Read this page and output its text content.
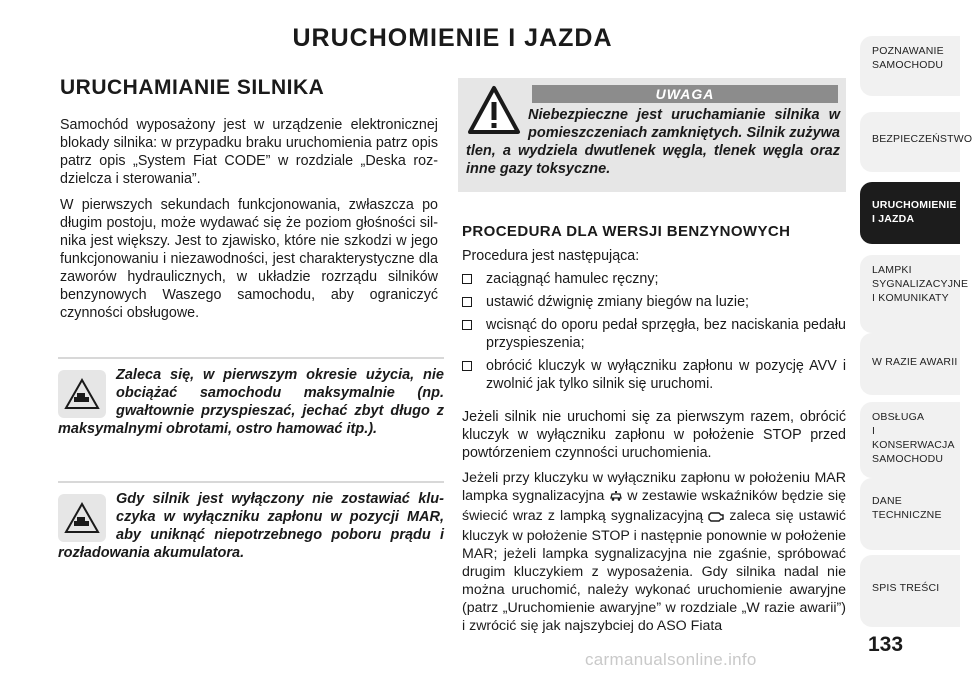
URUCHOMIENIE I JAZDA
URUCHAMIANIE SILNIKA

Samochód wyposażony jest w urządzenie elektronicznej blokady silnika: w przypadku braku uruchomienia patrz opis patrz opis „System Fiat CODE” w rozdziale „Deska rozdzielcza i sterowania”.

W pierwszych sekundach funkcjonowania, zwłaszcza po długim postoju, może wydawać się że poziom głośności silnika jest większy. Jest to zjawisko, które nie szkodzi w jego funkcjonowaniu i niezawodności, jest charakterystyczne dla zaworów hydraulicznych, w układzie rozrządu silników benzynowych Waszego samochodu, aby ograniczyć czynności obsługowe.

Zaleca się, w pierwszym okresie użycia, nie obciążać samochodu maksymalnie (np. gwałtownie przyspieszać, jechać zbyt długo z maksymalnymi obrotami, ostro hamować itp.).
Gdy silnik jest wyłączony nie zostawiać kluczyka w wyłączniku zapłonu w pozycji MAR, aby uniknąć niepotrzebnego poboru prądu i rozładowania akumulatora.
UWAGA
Niebezpieczne jest uruchamianie silnika w pomieszczeniach zamkniętych. Silnik zużywa tlen, a wydziela dwutlenek węgla, tlenek węgla oraz inne gazy toksyczne.
PROCEDURA DLA WERSJI BENZYNOWYCH

Procedura jest następująca:

zaciągnąć hamulec ręczny;
ustawić dźwignię zmiany biegów na luzie;
wcisnąć do oporu pedał sprzęgła, bez naciskania pedału przyspieszenia;
obrócić kluczyk w wyłączniku zapłonu w pozycję AVV i zwolnić jak tylko silnik się uruchomi.

Jeżeli silnik nie uruchomi się za pierwszym razem, obrócić kluczyk w wyłączniku zapłonu w położenie STOP przed powtórzeniem czynności uruchomienia.

Jeżeli przy kluczyku w wyłączniku zapłonu w położeniu MAR lampka sygnalizacyjna w zestawie wskaźników będzie się świecić wraz z lampką sygnalizacyjną zaleca się ustawić kluczyk w położenie STOP i następnie ponownie w położenie MAR; jeżeli lampka sygnalizacyjna nie zgaśnie, spróbować drugim kluczykiem z wyposażenia. Gdy silnika nadal nie można uruchomić, należy wykonać uruchomienie awaryjne (patrz „Uruchomienie awaryjne” w rozdziale „W razie awarii”) i zwrócić się jak najszybciej do ASO Fiata

POZNAWANIE
SAMOCHODU
BEZPIECZEŃSTWO
URUCHOMIENIE
I JAZDA
LAMPKI
SYGNALIZACYJNE
I KOMUNIKATY
W RAZIE AWARII
OBSŁUGA
I KONSERWACJA
SAMOCHODU
DANE
TECHNICZNE
SPIS TREŚCI
133
carmanualsonline.info
